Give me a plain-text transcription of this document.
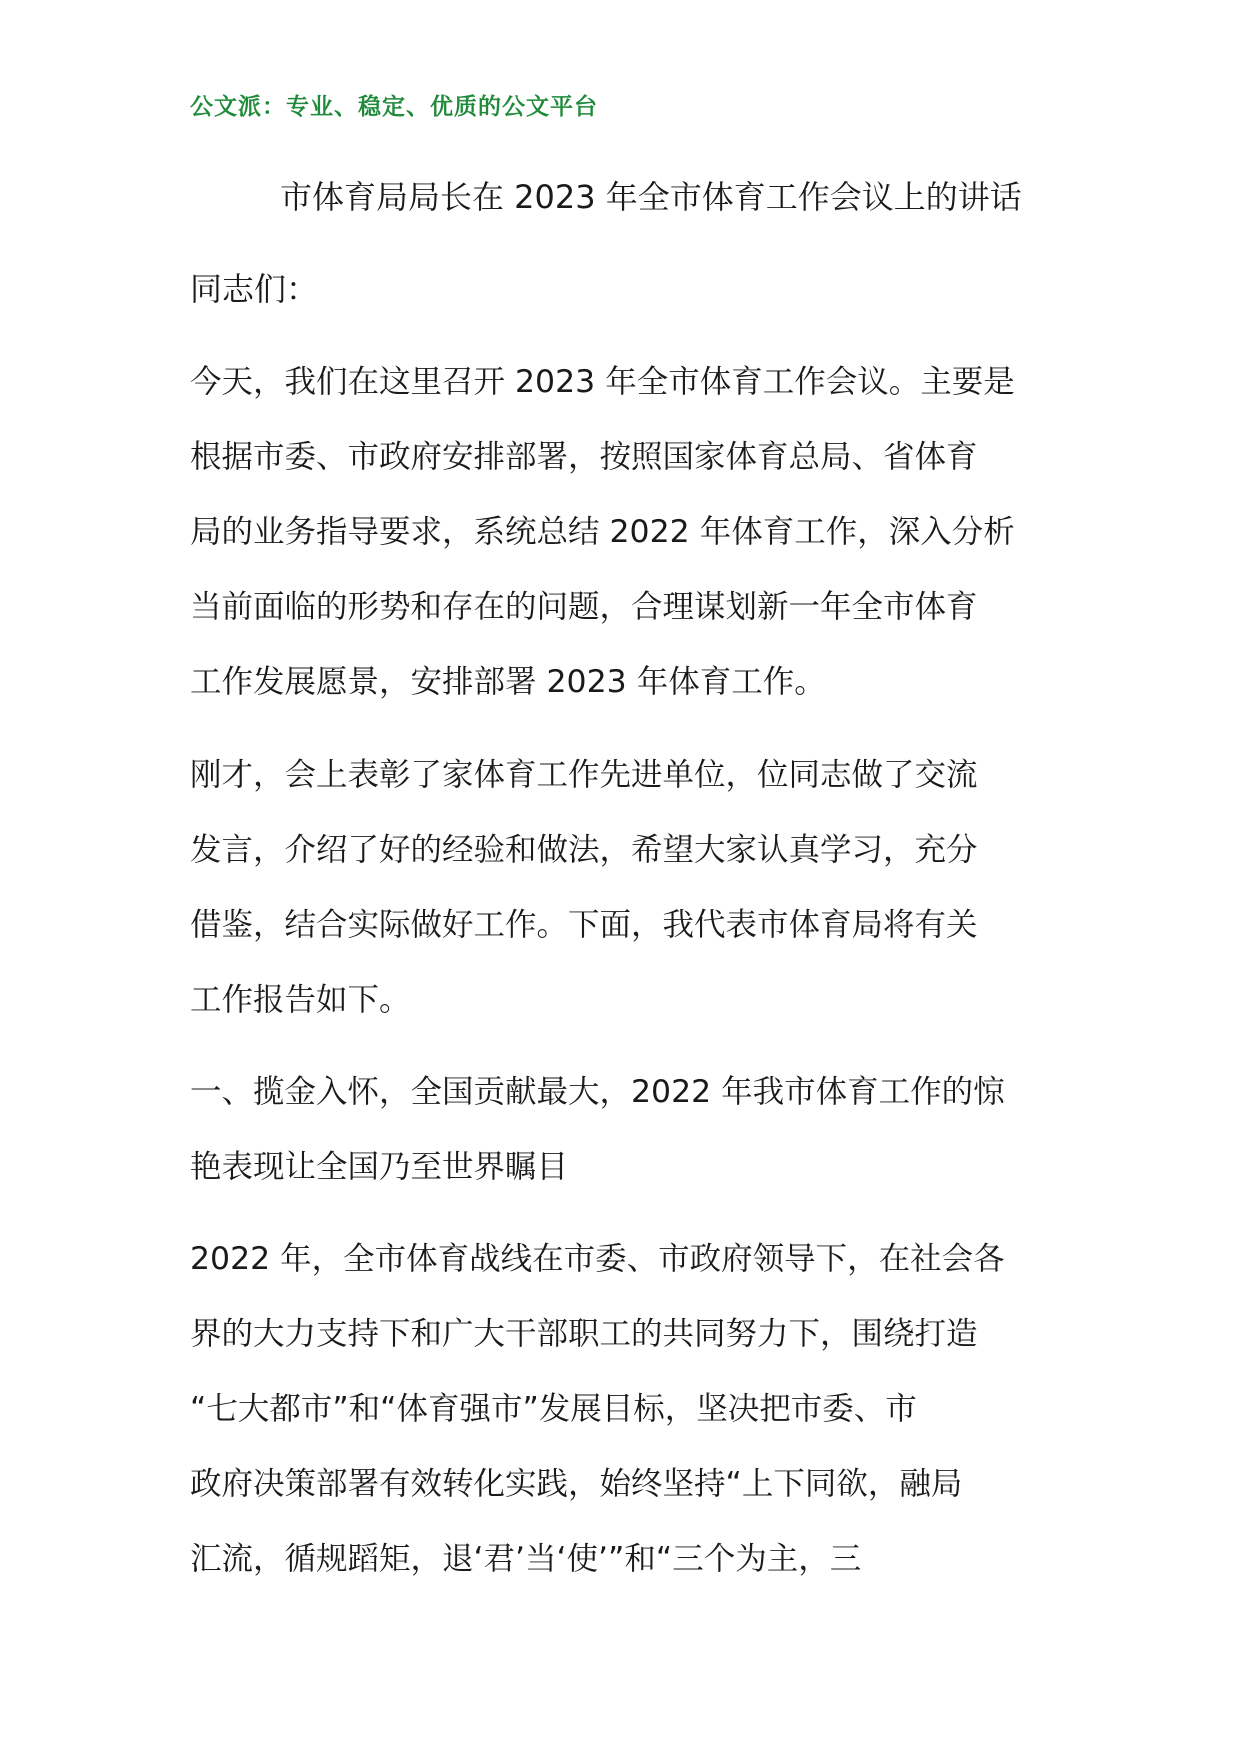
公文派：专业、稳定、优质的公文平台
市体育局局长在 2023 年全市体育工作会议上的讲话
同志们：
今天，我们在这里召开 2023 年全市体育工作会议。主要是
根据市委、市政府安排部署，按照国家体育总局、省体育
局的业务指导要求，系统总结 2022 年体育工作，深入分析
当前面临的形势和存在的问题，合理谋划新一年全市体育
工作发展愿景，安排部署 2023 年体育工作。
刚才，会上表彰了家体育工作先进单位，位同志做了交流
发言，介绍了好的经验和做法，希望大家认真学习，充分
借鉴，结合实际做好工作。下面，我代表市体育局将有关
工作报告如下。
一、揽金入怀，全国贡献最大，2022 年我市体育工作的惊
艳表现让全国乃至世界瞩目
2022 年，全市体育战线在市委、市政府领导下，在社会各
界的大力支持下和广大干部职工的共同努力下，围绕打造
“七大都市”和“体育强市”发展目标，坚决把市委、市
政府决策部署有效转化实践，始终坚持“上下同欲，融局
汇流，循规蹈矩，退‘君’当‘使’”和“三个为主，三
